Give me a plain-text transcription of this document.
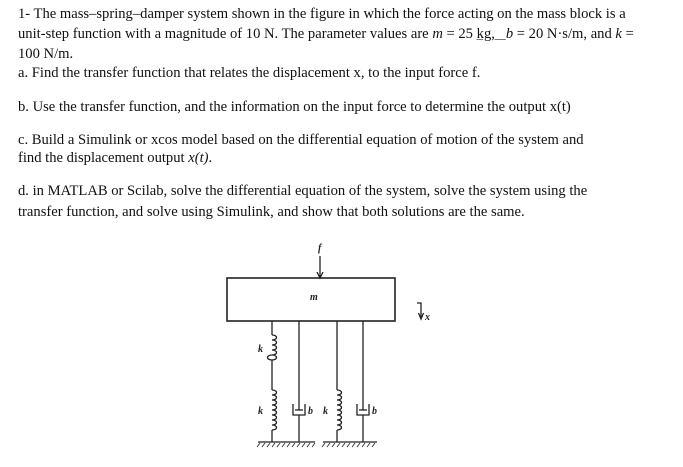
1- The mass–spring–damper system shown in the figure in which the force acting on the mass block is a
unit-step function with a magnitude of 10 N. The parameter values are m = 25 kg, b = 20 N·s/m, and k =
100 N/m.
a. Find the transfer function that relates the displacement x, to the input force f.
b. Use the transfer function, and the information on the input force to determine the output x(t)
c. Build a Simulink or xcos model based on the differential equation of motion of the system and
find the displacement output x(t).
d. in MATLAB or Scilab, solve the differential equation of the system, solve the system using the
transfer function, and solve using Simulink, and show that both solutions are the same.
f
m
x
k
k	k
b	b
